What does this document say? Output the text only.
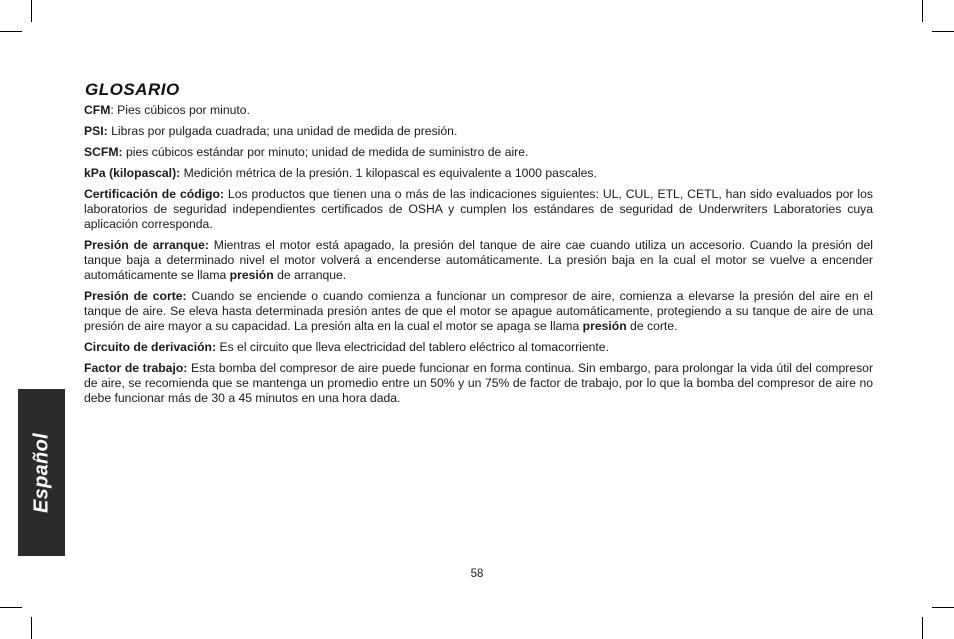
GLOSARIO

CFM: Pies cúbicos por minuto.

PSI: Libras por pulgada cuadrada; una unidad de medida de presión.

SCFM: pies cúbicos estándar por minuto; unidad de medida de suministro de aire.

kPa (kilopascal): Medición métrica de la presión. 1 kilopascal es equivalente a 1000 pascales.

Certificación de código: Los productos que tienen una o más de las indicaciones siguientes: UL, CUL, ETL, CETL, han sido evaluados por los laboratorios de seguridad independientes certificados de OSHA y cumplen los estándares de seguridad de Underwriters Laboratories cuya aplicación corresponda.

Presión de arranque: Mientras el motor está apagado, la presión del tanque de aire cae cuando utiliza un accesorio. Cuando la presión del tanque baja a determinado nivel el motor volverá a encenderse automáticamente. La presión baja en la cual el motor se vuelve a encender automáticamente se llama presión de arranque.

Presión de corte: Cuando se enciende o cuando comienza a funcionar un compresor de aire, comienza a elevarse la presión del aire en el tanque de aire. Se eleva hasta determinada presión antes de que el motor se apague automáticamente, protegiendo a su tanque de aire de una presión de aire mayor a su capacidad. La presión alta en la cual el motor se apaga se llama presión de corte.

Circuito de derivación: Es el circuito que lleva electricidad del tablero eléctrico al tomacorriente.

Factor de trabajo: Esta bomba del compresor de aire puede funcionar en forma continua. Sin embargo, para prolongar la vida útil del compresor de aire, se recomienda que se mantenga un promedio entre un 50% y un 75% de factor de trabajo, por lo que la bomba del compresor de aire no debe funcionar más de 30 a 45 minutos en una hora dada.

Español
58
